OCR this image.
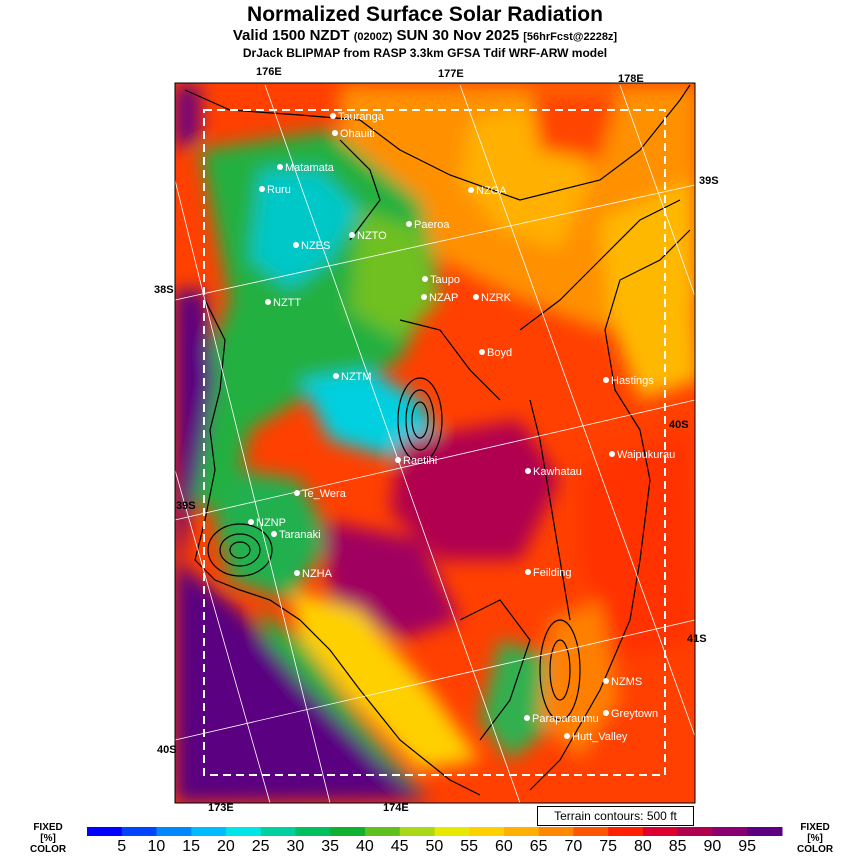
Normalized Surface Solar Radiation
Valid 1500 NZDT (0200Z) SUN 30 Nov 2025 [56hrFcst@2228z]
DrJack BLIPMAP from RASP 3.3km GFSA Tdif WRF-ARW model
Tauranga
Ohauiti
Matamata
NZGA
Ruru
Paeroa
NZTO
NZES
Taupo
NZAP NZRK
NZTT
Boyd
NZTM	Hastings
Waipukurau
Raetihi
Kawhatau
Te_Wera
NZNP
Taranaki
NZHA	Feilding
NZMS
Greytown
Paraparaumu
Hutt_Valley
176E	177E	178E
173E	174E
39S
38S
40S
39S
41S
40S
Terrain contours: 500 ft
FIXED
[%]
COLOR
FIXED
[%]
COLOR
5 10 15 20 25 30 35 40 45 50 55 60 65 70 75 80 85 90 95
